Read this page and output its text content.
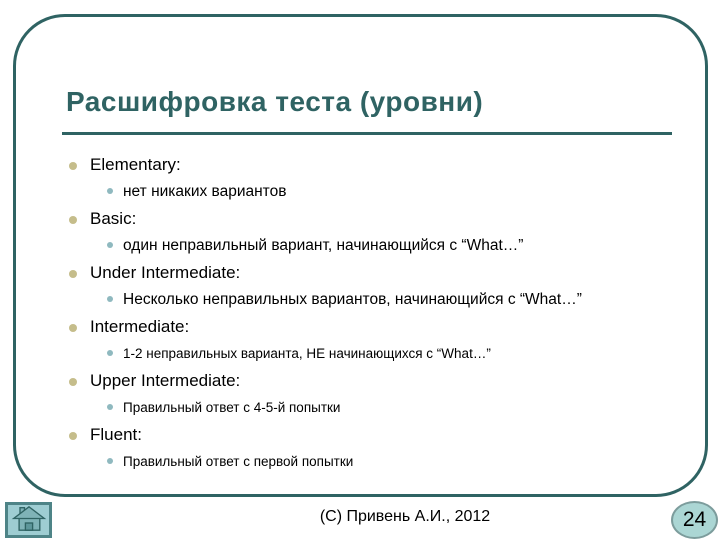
Расшифровка теста (уровни)
Elementary:
нет никаких вариантов
Basic:
один неправильный вариант, начинающийся с “What…”
Under Intermediate:
Несколько неправильных вариантов, начинающийся с “What…”
Intermediate:
1-2 неправильных варианта, НЕ начинающихся с “What…”
Upper Intermediate:
Правильный ответ с 4-5-й попытки
Fluent:
Правильный ответ с первой попытки
(С) Привень А.И., 2012	24
